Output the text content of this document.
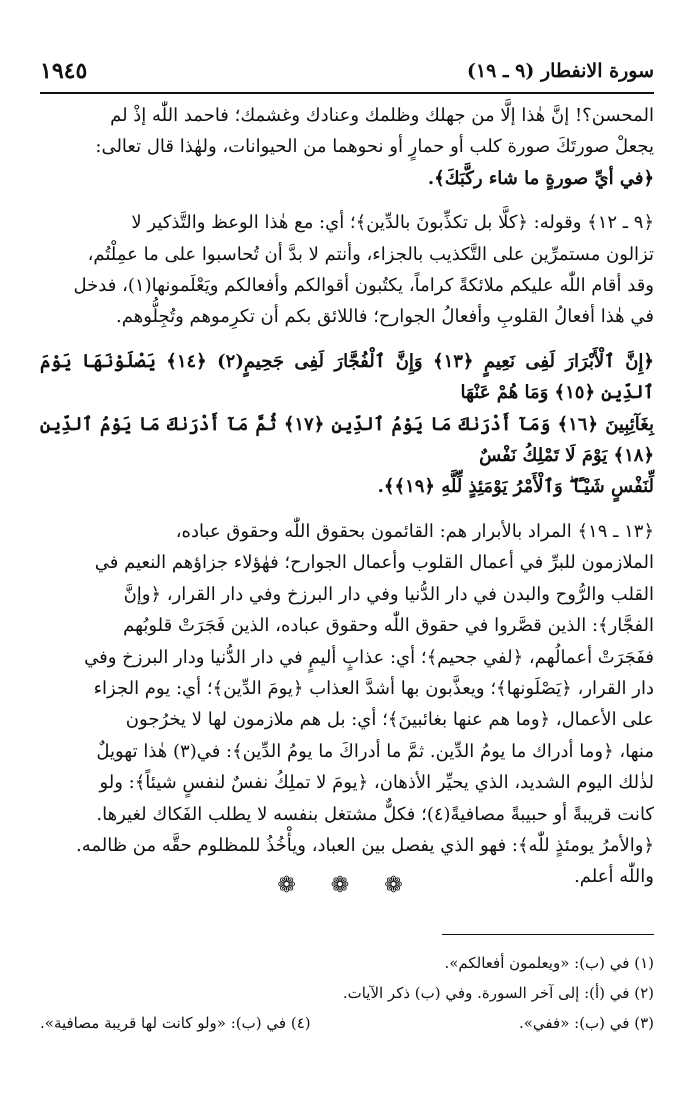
سورة الانفطار (٩ ـ ١٩)
١٩٤٥

المحسن؟! إنَّ هٰذا إلَّا من جهلك وظلمك وعنادك وغشمك؛ فاحمد اللّٰه إذْ لم

يجعلْ صورتَكَ صورة كلب أو حمارٍ أو نحوهما من الحيوانات، ولهٰذا قال تعالى:

﴿في أيِّ صورةٍ ما شاء ركَّبَكَ﴾.

﴿٩ ـ ١٢﴾ وقوله: ﴿كلَّا بل تكذِّبونَ بالدِّين﴾؛ أي: مع هٰذا الوعظ والتَّذكير لا

تزالون مستمرِّين على التَّكذيب بالجزاء، وأنتم لا بدَّ أن تُحاسبوا على ما عمِلْتُم،

وقد أقام اللّٰه عليكم ملائكةً كراماً، يكتُبون أقوالكم وأفعالكم ويَعْلَمونها(١)، فدخل

في هٰذا أفعالُ القلوبِ وأفعالُ الجوارح؛ فاللائق بكم أن تكرِموهم وتُجِلُّوهم.

﴿إِنَّ ٱلْأَبْرَارَ لَفِى نَعِيمٍ ﴿١٣﴾ وَإِنَّ ٱلْفُجَّارَ لَفِى جَحِيمٍ(٢) ﴿١٤﴾ يَصْلَوْنَهَا يَوْمَ ٱلدِّينِ ﴿١٥﴾ وَمَا هُمْ عَنْهَا

بِغَآئِبِينَ ﴿١٦﴾ وَمَآ أَدْرَىٰكَ مَا يَوْمُ ٱلدِّينِ ﴿١٧﴾ ثُمَّ مَآ أَدْرَىٰكَ مَا يَوْمُ ٱلدِّينِ ﴿١٨﴾ يَوْمَ لَا تَمْلِكُ نَفْسٌ

لِّنَفْسٍ شَيْـًٔا ۖ وَٱلْأَمْرُ يَوْمَئِذٍ لِّلَّهِ ﴿١٩﴾﴾.

﴿١٣ ـ ١٩﴾ المراد بالأبرار هم: القائمون بحقوق اللّٰه وحقوق عباده،

الملازمون للبرِّ في أعمال القلوب وأعمال الجوارح؛ فهٰؤلاء جزاؤهم النعيم في

القلب والرُّوح والبدن في دار الدُّنيا وفي دار البرزخ وفي دار القرار، ﴿وإنَّ

الفجَّار﴾: الذين قصَّروا في حقوق اللّٰه وحقوق عباده، الذين فَجَرَتْ قلوبُهم

ففَجَرَتْ أعمالُهم، ﴿لفي جحيم﴾؛ أي: عذابٍ أليمٍ في دار الدُّنيا ودار البرزخ وفي

دار القرار، ﴿يَصْلَونها﴾؛ ويعذَّبون بها أشدَّ العذاب ﴿يومَ الدِّين﴾؛ أي: يوم الجزاء

على الأعمال، ﴿وما هم عنها بغائبينَ﴾؛ أي: بل هم ملازمون لها لا يخرُجون

منها، ﴿وما أدراك ما يومُ الدِّين. ثمَّ ما أدراكَ ما يومُ الدِّين﴾: في(٣) هٰذا تهويلٌ

لذٰلك اليوم الشديد، الذي يحيِّر الأذهان، ﴿يومَ لا تملِكُ نفسٌ لنفسٍ شيئاً﴾: ولو

كانت قريبةً أو حبيبةً مصافيةً(٤)؛ فكلٌّ مشتغل بنفسه لا يطلب الفَكاك لغيرها.

﴿والأمرُ يومئذٍ للّٰه﴾: فهو الذي يفصل بين العباد، ويأْخُذُ للمظلوم حقَّه من ظالمه.

واللّٰه أعلم.

❁ ❁ ❁
(١) في (ب): «ويعلمون أفعالكم».
(٢) في (أ): إلى آخر السورة. وفي (ب) ذكر الآيات.
(٣) في (ب): «ففي».
(٤) في (ب): «ولو كانت لها قريبة مصافية».
